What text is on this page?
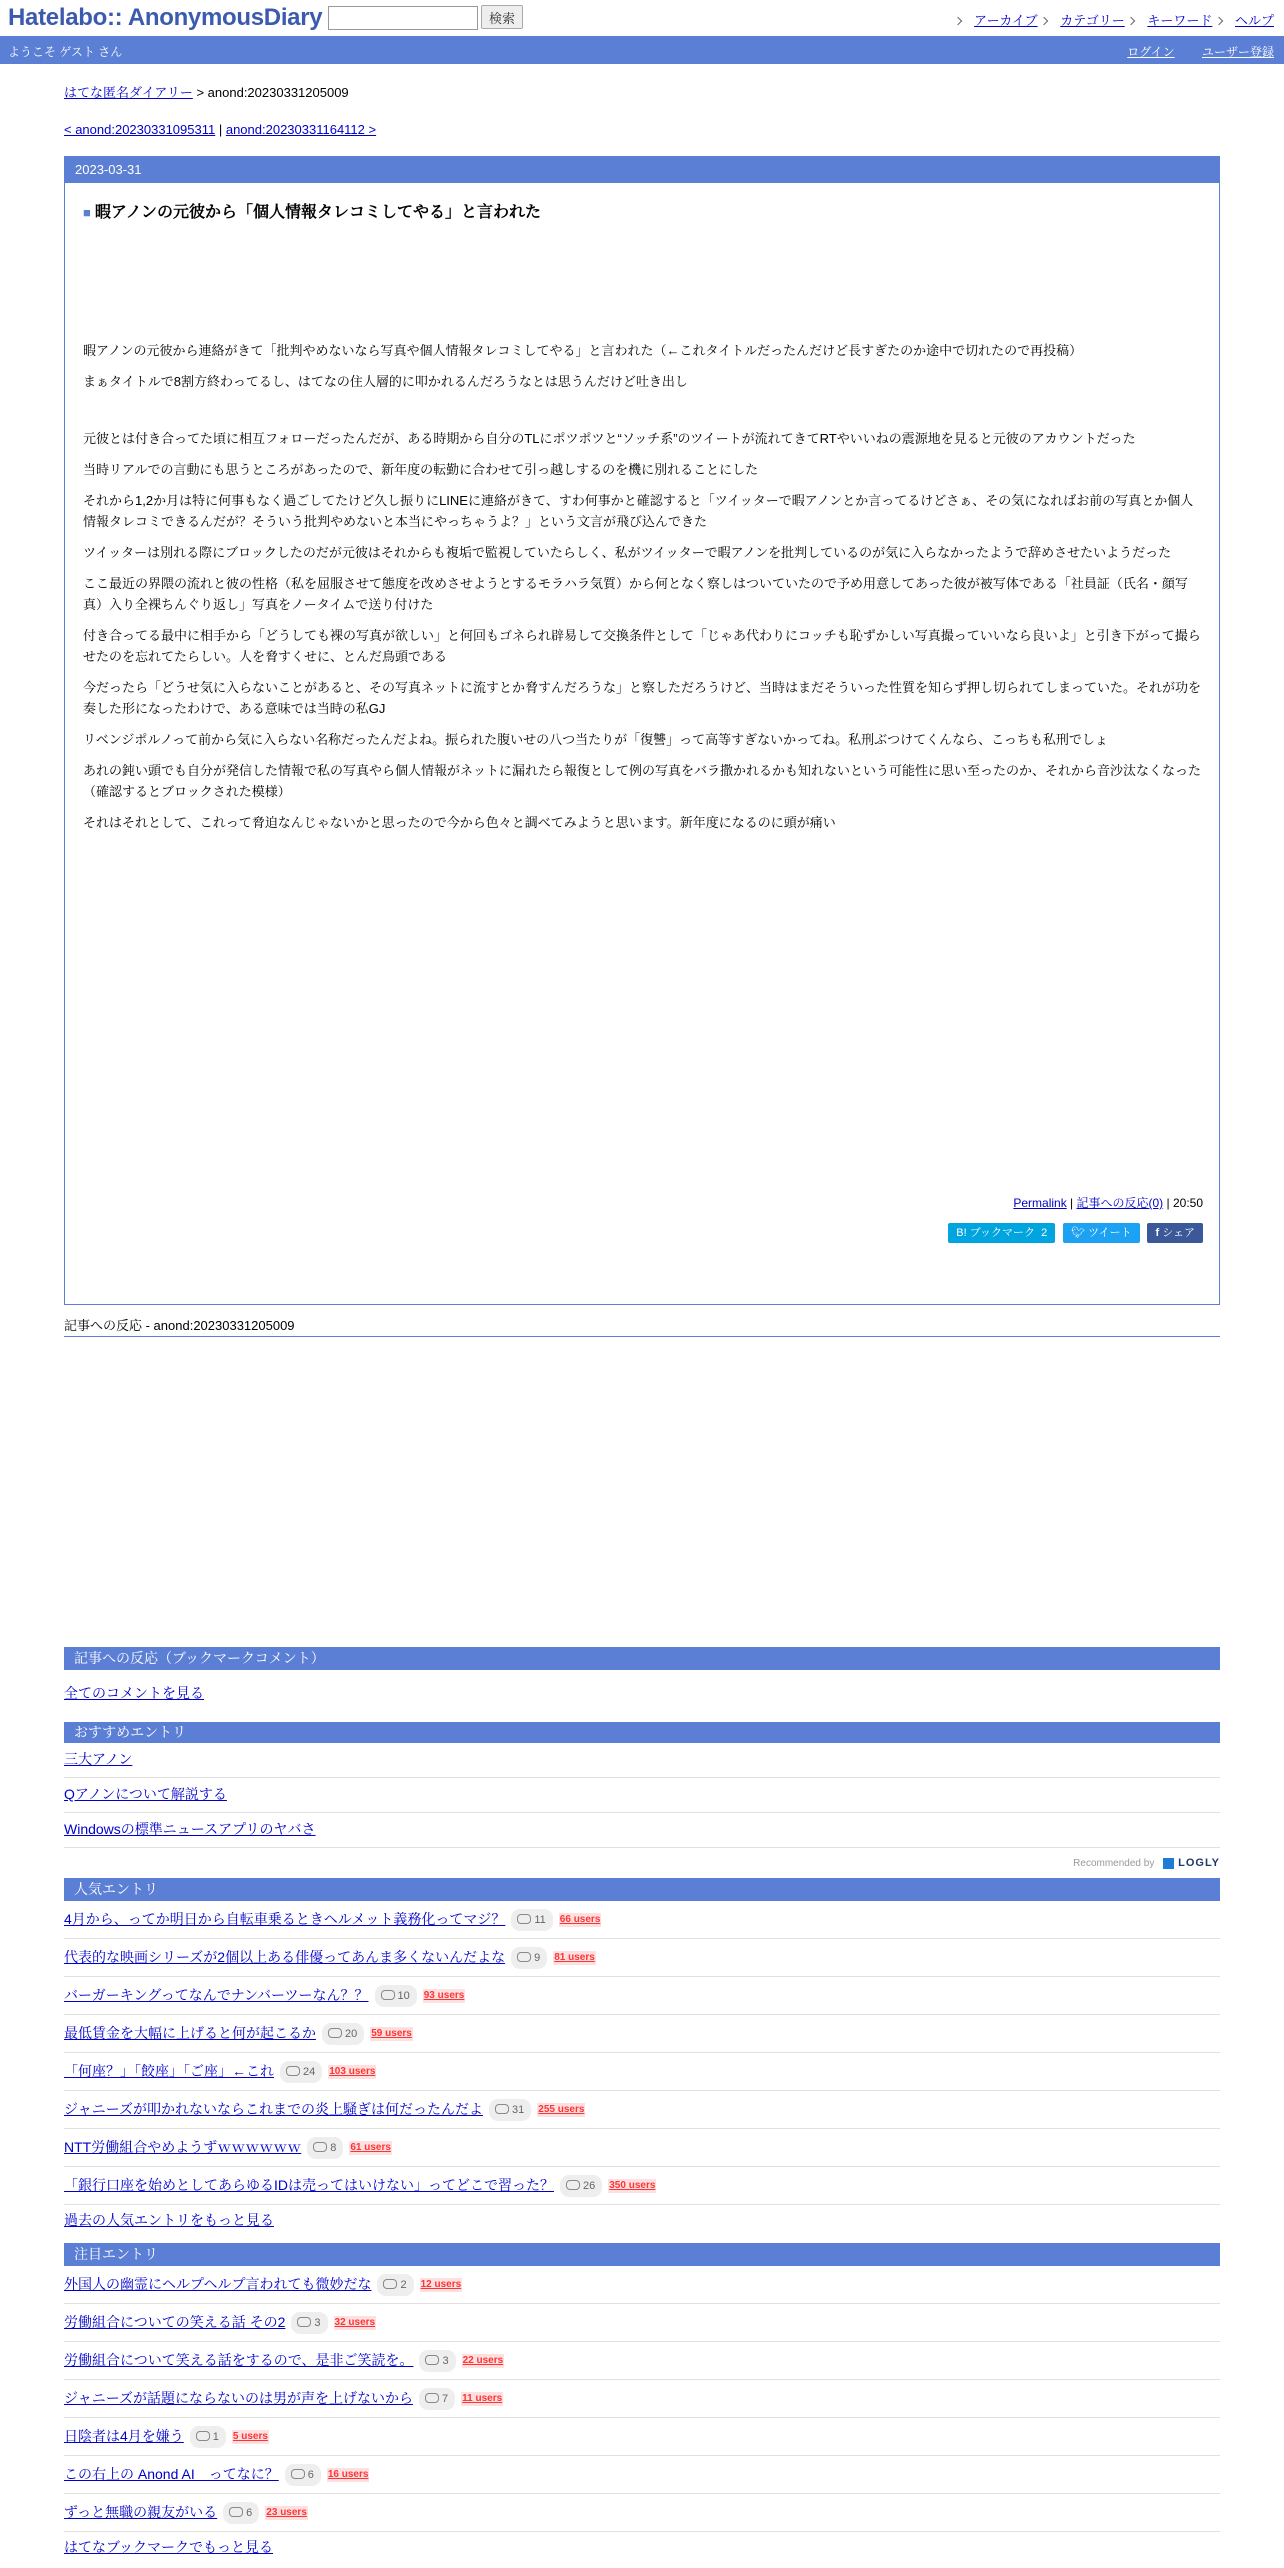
Hatelabo:: AnonymousDiary	検索	アーカイブ カテゴリー キーワード ヘルプ
ようこそ ゲスト さん	ログイン ユーザー登録
はてな匿名ダイアリー > anond:20230331205009
< anond:20230331095311 | anond:20230331164112 >
2023-03-31
■ 暇アノンの元彼から「個人情報タレコミしてやる」と言われた

暇アノンの元彼から連絡がきて「批判やめないなら写真や個人情報タレコミしてやる」と言われた（←これタイトルだったんだけど長すぎたのか途中で切れたので再投稿）

まぁタイトルで8割方終わってるし、はてなの住人層的に叩かれるんだろうなとは思うんだけど吐き出し

元彼とは付き合ってた頃に相互フォローだったんだが、ある時期から自分のTLにポツポツと“ソッチ系”のツイートが流れてきてRTやいいねの震源地を見ると元彼のアカウントだった

当時リアルでの言動にも思うところがあったので、新年度の転勤に合わせて引っ越しするのを機に別れることにした

それから1,2か月は特に何事もなく過ごしてたけど久し振りにLINEに連絡がきて、すわ何事かと確認すると「ツイッターで暇アノンとか言ってるけどさぁ、その気になればお前の写真とか個人情報タレコミできるんだが？そういう批判やめないと本当にやっちゃうよ？」という文言が飛び込んできた

ツイッターは別れる際にブロックしたのだが元彼はそれからも複垢で監視していたらしく、私がツイッターで暇アノンを批判しているのが気に入らなかったようで辞めさせたいようだった

ここ最近の界隈の流れと彼の性格（私を屈服させて態度を改めさせようとするモラハラ気質）から何となく察しはついていたので予め用意してあった彼が被写体である「社員証（氏名・顔写真）入り全裸ちんぐり返し」写真をノータイムで送り付けた

付き合ってる最中に相手から「どうしても裸の写真が欲しい」と何回もゴネられ辟易して交換条件として「じゃあ代わりにコッチも恥ずかしい写真撮っていいなら良いよ」と引き下がって撮らせたのを忘れてたらしい。人を脅すくせに、とんだ鳥頭である

今だったら「どうせ気に入らないことがあると、その写真ネットに流すとか脅すんだろうな」と察しただろうけど、当時はまだそういった性質を知らず押し切られてしまっていた。それが功を奏した形になったわけで、ある意味では当時の私GJ

リベンジポルノって前から気に入らない名称だったんだよね。振られた腹いせの八つ当たりが「復讐」って高等すぎないかってね。私刑ぶつけてくんなら、こっちも私刑でしょ

あれの鈍い頭でも自分が発信した情報で私の写真やら個人情報がネットに漏れたら報復として例の写真をバラ撒かれるかも知れないという可能性に思い至ったのか、それから音沙汰なくなった（確認するとブロックされた模様）

それはそれとして、これって脅迫なんじゃないかと思ったので今から色々と調べてみようと思います。新年度になるのに頭が痛い

Permalink | 記事への反応(0) | 20:50
B! ブックマーク 2 🐦︎ ツイート f シェア
記事への反応 - anond:20230331205009
記事への反応（ブックマークコメント）
全てのコメントを見る
おすすめエントリ
三大アノン
Qアノンについて解説する
Windowsの標準ニュースアプリのヤバさ
Recommended by LOGLY
人気エントリ
4月から、ってか明日から自転車乗るときヘルメット義務化ってマジ？	11 66 users
代表的な映画シリーズが2個以上ある俳優ってあんま多くないんだよな	9 81 users
バーガーキングってなんでナンバーツーなん？？	10 93 users
最低賃金を大幅に上げると何が起こるか	20 59 users
「何座？」「餃座」「ご座」←これ	24 103 users
ジャニーズが叩かれないならこれまでの炎上騒ぎは何だったんだよ	31 255 users
NTT労働組合やめようずｗｗｗｗｗｗ	8 61 users
「銀行口座を始めとしてあらゆるIDは売ってはいけない」ってどこで習った？	26 350 users
過去の人気エントリをもっと見る
注目エントリ
外国人の幽霊にヘルプヘルプ言われても微妙だな	2 12 users
労働組合についての笑える話 その2	3 32 users
労働組合について笑える話をするので、是非ご笑読を。	3 22 users
ジャニーズが話題にならないのは男が声を上げないから	7 11 users
日陰者は4月を嫌う	1 5 users
この右上の Anond AI　ってなに？	6 16 users
ずっと無職の親友がいる	6 23 users
はてなブックマークでもっと見る
